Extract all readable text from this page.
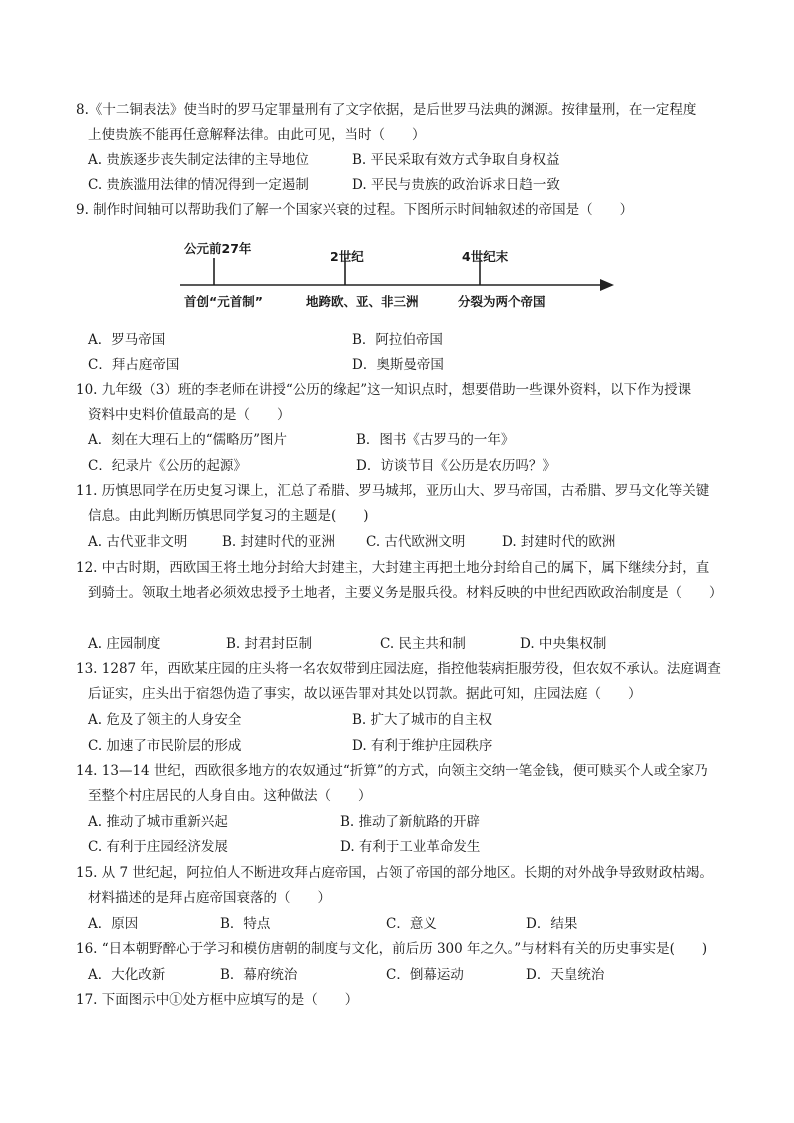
8.《十二铜表法》使当时的罗马定罪量刑有了文字依据，是后世罗马法典的渊源。按律量刑，在一定程度
上使贵族不能再任意解释法律。由此可见，当时（　　）
A. 贵族逐步丧失制定法律的主导地位	B. 平民采取有效方式争取自身权益
C. 贵族滥用法律的情况得到一定遏制	D. 平民与贵族的政治诉求日趋一致
9. 制作时间轴可以帮助我们了解一个国家兴衰的过程。下图所示时间轴叙述的帝国是（　　）
公元前27年
2世纪	4世纪末
首创“元首制”	地跨欧、亚、非三洲	分裂为两个帝国
A．罗马帝国	B．阿拉伯帝国
C．拜占庭帝国	D．奥斯曼帝国
10. 九年级（3）班的李老师在讲授“公历的缘起”这一知识点时，想要借助一些课外资料，以下作为授课
资料中史料价值最高的是（　　）
A．刻在大理石上的“儒略历”图片	B．图书《古罗马的一年》
C．纪录片《公历的起源》	D．访谈节目《公历是农历吗？》
11. 历慎思同学在历史复习课上，汇总了希腊、罗马城邦，亚历山大、罗马帝国，古希腊、罗马文化等关键
信息。由此判断历慎思同学复习的主题是(　　)
A. 古代亚非文明	B. 封建时代的亚洲 C. 古代欧洲文明	D. 封建时代的欧洲
12. 中古时期，西欧国王将土地分封给大封建主，大封建主再把土地分封给自己的属下，属下继续分封，直
到骑士。领取土地者必须效忠授予土地者，主要义务是服兵役。材料反映的中世纪西欧政治制度是（　　）
A. 庄园制度	B. 封君封臣制	C. 民主共和制	D. 中央集权制
13. 1287 年，西欧某庄园的庄头将一名农奴带到庄园法庭，指控他装病拒服劳役，但农奴不承认。法庭调查
后证实，庄头出于宿怨伪造了事实，故以诬告罪对其处以罚款。据此可知，庄园法庭（　　）
A. 危及了领主的人身安全	B. 扩大了城市的自主权
C. 加速了市民阶层的形成	D. 有利于维护庄园秩序
14. 13—14 世纪，西欧很多地方的农奴通过“折算”的方式，向领主交纳一笔金钱，便可赎买个人或全家乃
至整个村庄居民的人身自由。这种做法（　　）
A. 推动了城市重新兴起	B. 推动了新航路的开辟
C. 有利于庄园经济发展	D. 有利于工业革命发生
15. 从 7 世纪起，阿拉伯人不断进攻拜占庭帝国，占领了帝国的部分地区。长期的对外战争导致财政枯竭。
材料描述的是拜占庭帝国衰落的（　　）
A．原因	B．特点	C．意义	D．结果
16. “日本朝野醉心于学习和模仿唐朝的制度与文化，前后历 300 年之久。”与材料有关的历史事实是(　　)
A．大化改新	B．幕府统治	C．倒幕运动	D．天皇统治
17. 下面图示中①处方框中应填写的是（　　）
